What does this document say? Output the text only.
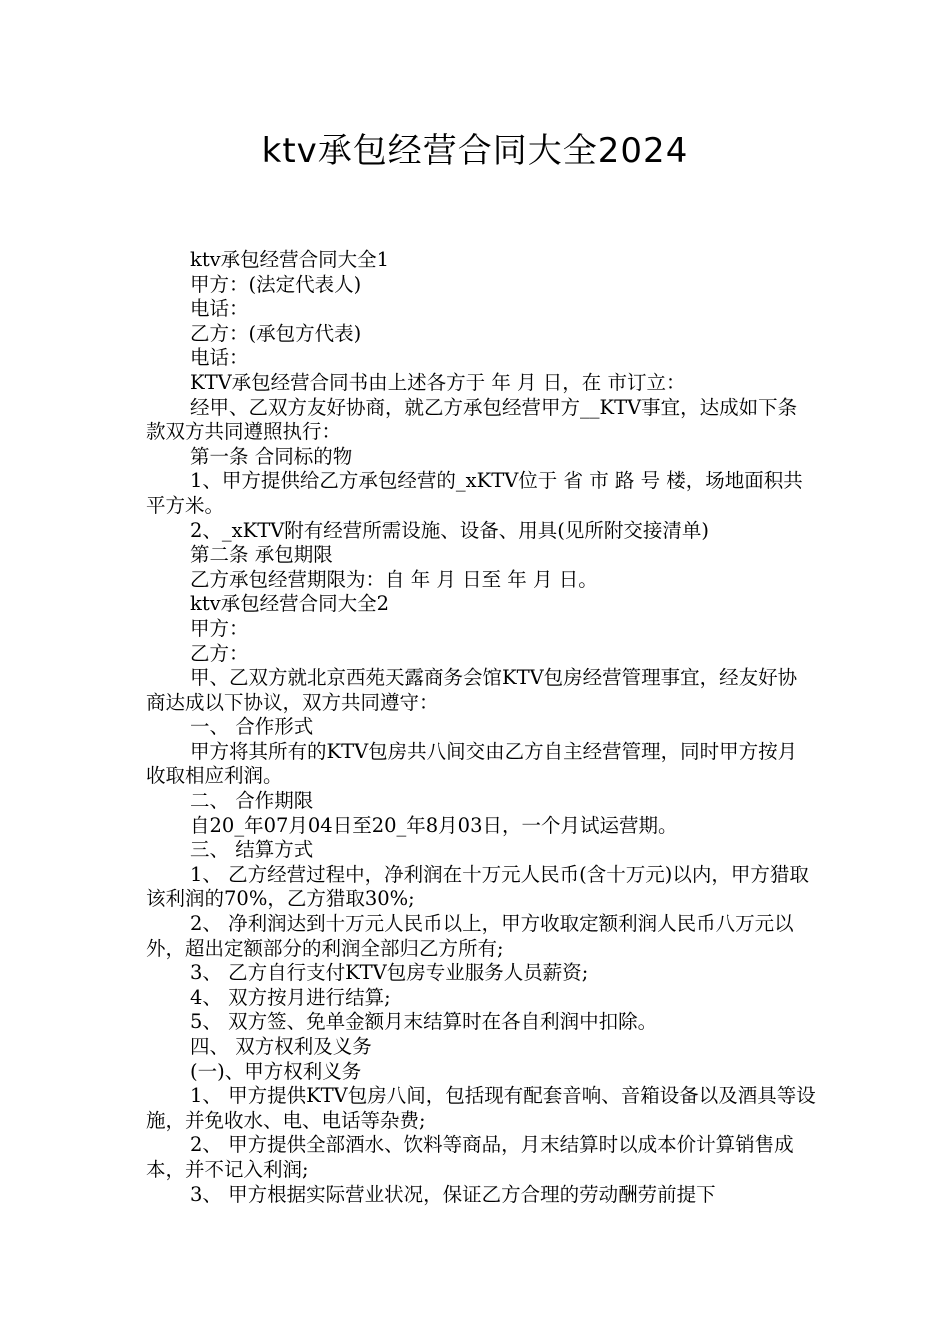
ktv承包经营合同大全2024

ktv承包经营合同大全1

甲方：(法定代表人)

电话：

乙方：(承包方代表)

电话：

KTV承包经营合同书由上述各方于 年 月 日，在 市订立：

经甲、乙双方友好协商，就乙方承包经营甲方__KTV事宜，达成如下条款双方共同遵照执行：

第一条 合同标的物

1、甲方提供给乙方承包经营的_xKTV位于 省 市 路 号 楼，场地面积共 平方米。

2、_xKTV附有经营所需设施、设备、用具(见所附交接清单)

第二条 承包期限

乙方承包经营期限为：自 年 月 日至 年 月 日。

ktv承包经营合同大全2

甲方：

乙方：

甲、乙双方就北京西苑天露商务会馆KTV包房经营管理事宜，经友好协商达成以下协议，双方共同遵守：

一、 合作形式

甲方将其所有的KTV包房共八间交由乙方自主经营管理，同时甲方按月收取相应利润。

二、 合作期限

自20_年07月04日至20_年8月03日，一个月试运营期。

三、 结算方式

1、 乙方经营过程中，净利润在十万元人民币(含十万元)以内，甲方猎取该利润的70%，乙方猎取30%;

2、 净利润达到十万元人民币以上，甲方收取定额利润人民币八万元以外，超出定额部分的利润全部归乙方所有;

3、 乙方自行支付KTV包房专业服务人员薪资;

4、 双方按月进行结算;

5、 双方签、免单金额月末结算时在各自利润中扣除。

四、 双方权利及义务

(一)、甲方权利义务

1、 甲方提供KTV包房八间，包括现有配套音响、音箱设备以及酒具等设施，并免收水、电、电话等杂费;

2、 甲方提供全部酒水、饮料等商品，月末结算时以成本价计算销售成本，并不记入利润;

3、 甲方根据实际营业状况，保证乙方合理的劳动酬劳前提下
